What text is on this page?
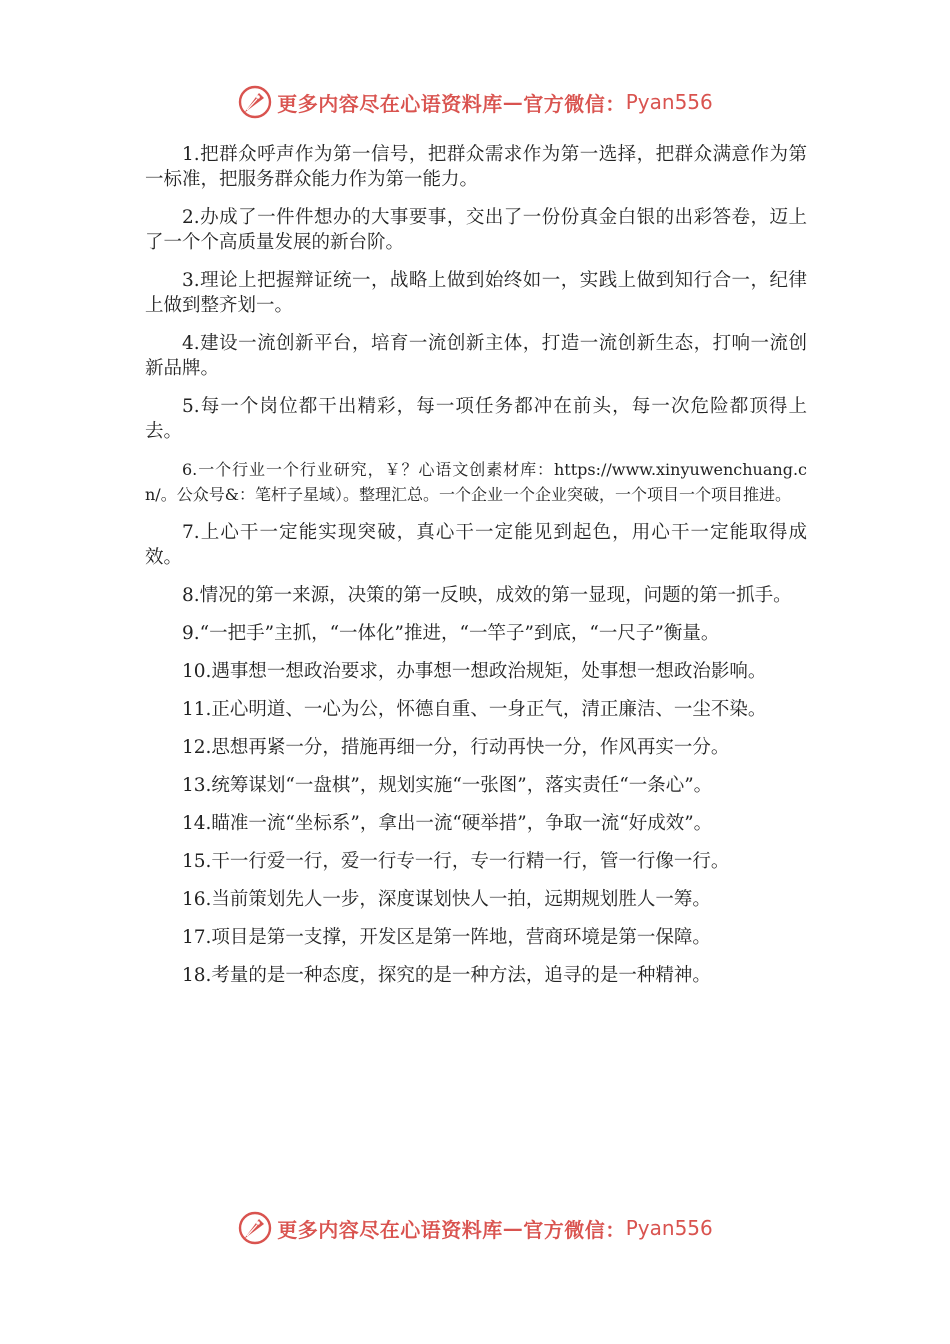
更多内容尽在心语资料库 — 官方微信： Pyan556

1.把群众呼声作为第一信号，把群众需求作为第一选择，把群众满意作为第一标准，把服务群众能力作为第一能力。

2.办成了一件件想办的大事要事，交出了一份份真金白银的出彩答卷，迈上了一个个高质量发展的新台阶。

3.理论上把握辩证统一，战略上做到始终如一，实践上做到知行合一，纪律上做到整齐划一。

4.建设一流创新平台，培育一流创新主体，打造一流创新生态，打响一流创新品牌。

5.每一个岗位都干出精彩，每一项任务都冲在前头，每一次危险都顶得上去。

6.一个行业一个行业研究，￥？心语文创素材库：https://www.xinyuwenchuang.cn/。公众号&：笔杆子星域）。整理汇总。一个企业一个企业突破，一个项目一个项目推进。

7.上心干一定能实现突破，真心干一定能见到起色，用心干一定能取得成效。

8.情况的第一来源，决策的第一反映，成效的第一显现，问题的第一抓手。

9.“一把手”主抓，“一体化”推进，“一竿子”到底，“一尺子”衡量。

10.遇事想一想政治要求，办事想一想政治规矩，处事想一想政治影响。

11.正心明道、一心为公，怀德自重、一身正气，清正廉洁、一尘不染。

12.思想再紧一分，措施再细一分，行动再快一分，作风再实一分。

13.统筹谋划“一盘棋”，规划实施“一张图”，落实责任“一条心”。

14.瞄准一流“坐标系”，拿出一流“硬举措”，争取一流“好成效”。

15.干一行爱一行，爱一行专一行，专一行精一行，管一行像一行。

16.当前策划先人一步，深度谋划快人一拍，远期规划胜人一筹。

17.项目是第一支撑，开发区是第一阵地，营商环境是第一保障。

18.考量的是一种态度，探究的是一种方法，追寻的是一种精神。

更多内容尽在心语资料库 — 官方微信： Pyan556
